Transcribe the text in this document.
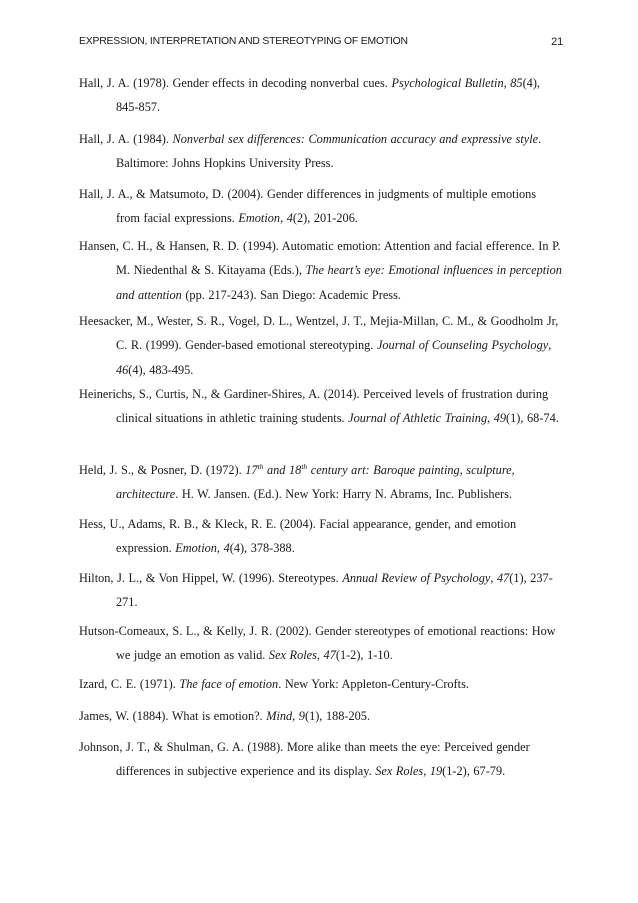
EXPRESSION, INTERPRETATION AND STEREOTYPING OF EMOTION	21

Hall, J. A. (1978). Gender effects in decoding nonverbal cues. Psychological Bulletin, 85(4), 845-857.

Hall, J. A. (1984). Nonverbal sex differences: Communication accuracy and expressive style. Baltimore: Johns Hopkins University Press.

Hall, J. A., & Matsumoto, D. (2004). Gender differences in judgments of multiple emotions from facial expressions. Emotion, 4(2), 201-206.

Hansen, C. H., & Hansen, R. D. (1994). Automatic emotion: Attention and facial efference. In P. M. Niedenthal & S. Kitayama (Eds.), The heart’s eye: Emotional influences in perception and attention (pp. 217-243). San Diego: Academic Press.

Heesacker, M., Wester, S. R., Vogel, D. L., Wentzel, J. T., Mejia-Millan, C. M., & Goodholm Jr, C. R. (1999). Gender-based emotional stereotyping. Journal of Counseling Psychology, 46(4), 483-495.

Heinerichs, S., Curtis, N., & Gardiner-Shires, A. (2014). Perceived levels of frustration during clinical situations in athletic training students. Journal of Athletic Training, 49(1), 68-74.

Held, J. S., & Posner, D. (1972). 17th and 18th century art: Baroque painting, sculpture, architecture. H. W. Jansen. (Ed.). New York: Harry N. Abrams, Inc. Publishers.

Hess, U., Adams, R. B., & Kleck, R. E. (2004). Facial appearance, gender, and emotion expression. Emotion, 4(4), 378-388.

Hilton, J. L., & Von Hippel, W. (1996). Stereotypes. Annual Review of Psychology, 47(1), 237-271.

Hutson-Comeaux, S. L., & Kelly, J. R. (2002). Gender stereotypes of emotional reactions: How we judge an emotion as valid. Sex Roles, 47(1-2), 1-10.

Izard, C. E. (1971). The face of emotion. New York: Appleton-Century-Crofts.

James, W. (1884). What is emotion?. Mind, 9(1), 188-205.

Johnson, J. T., & Shulman, G. A. (1988). More alike than meets the eye: Perceived gender differences in subjective experience and its display. Sex Roles, 19(1-2), 67-79.
